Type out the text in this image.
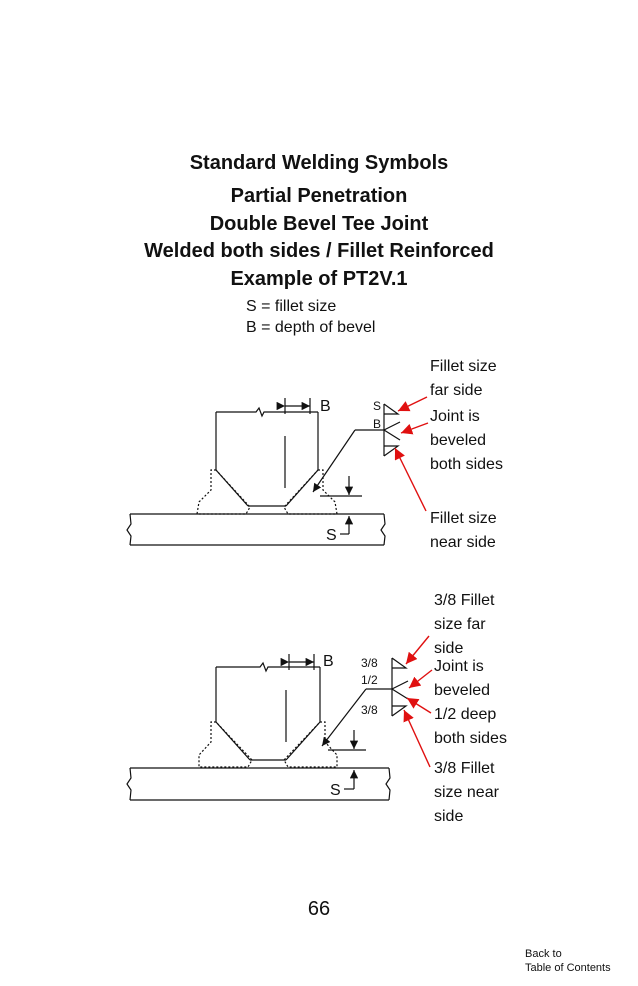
Standard Welding Symbols
Partial Penetration
Double Bevel Tee Joint
Welded both sides / Fillet Reinforced
Example of PT2V.1
S = fillet size
B = depth of bevel
B
S
S
B
B
S
3/8
1/2
3/8
Fillet size
far side
Joint is
beveled
both sides
Fillet size
near side
3/8 Fillet
size far
side
Joint is
beveled
1/2 deep
both sides
3/8 Fillet
size near
side
66
Back to
Table of Contents
